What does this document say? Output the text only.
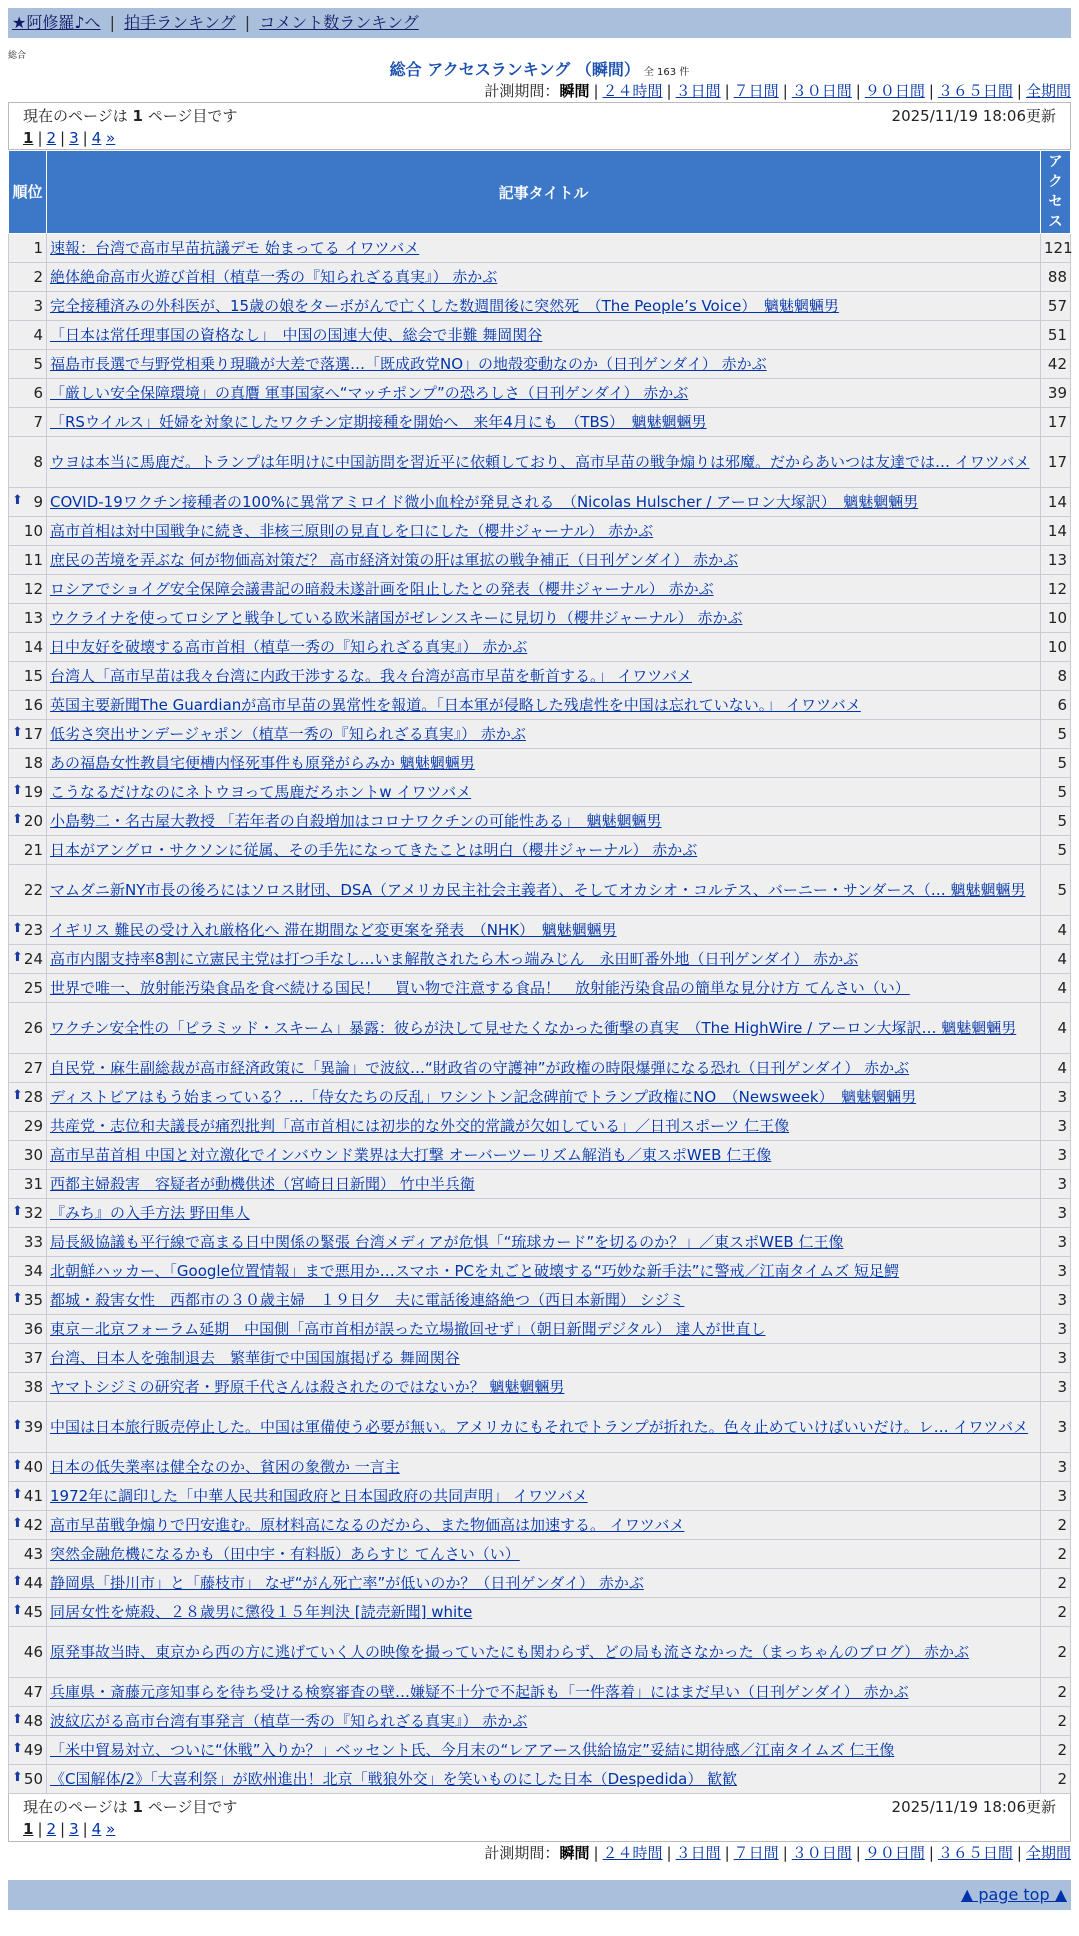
★阿修羅♪へ | 拍手ランキング | コメント数ランキング
総合
総合 アクセスランキング （瞬間） 全 163 件
計測期間：瞬間 | ２４時間 | ３日間 | ７日間 | ３０日間 | ９０日間 | ３６５日間 | 全期間
現在のページは 1 ページ目です	2025/11/19 18:06更新
1 | 2 | 3 | 4 »
順位	記事タイトル	アクセス
1	速報：台湾で高市早苗抗議デモ 始まってる イワツバメ	121
2	絶体絶命高市火遊び首相（植草一秀の『知られざる真実』） 赤かぶ	88
3	完全接種済みの外科医が、15歳の娘をターボがんで亡くした数週間後に突然死　（The People’s Voice）　魑魅魍魎男	57
4	「日本は常任理事国の資格なし」　中国の国連大使、総会で非難 舞岡関谷	51
5	福島市長選で与野党相乗り現職が大差で落選…「既成政党NO」の地殻変動なのか（日刊ゲンダイ） 赤かぶ	42
6	「厳しい安全保障環境」の真贋 軍事国家へ“マッチポンプ”の恐ろしさ（日刊ゲンダイ） 赤かぶ	39
7	「RSウイルス」妊婦を対象にしたワクチン定期接種を開始へ　来年4月にも　（TBS）　魑魅魍魎男	17
8	ウヨは本当に馬鹿だ。トランプは年明けに中国訪問を習近平に依頼しており、高市早苗の戦争煽りは邪魔。だからあいつは友達では… イワツバメ	17

⬆ 9	COVID-19ワクチン接種者の100%に異常アミロイド微小血栓が発見される　（Nicolas Hulscher / アーロン大塚訳）　魑魅魍魎男	14
10	高市首相は対中国戦争に続き、非核三原則の見直しを口にした（櫻井ジャーナル） 赤かぶ	14
11	庶民の苦境を弄ぶな 何が物価高対策だ？ 高市経済対策の肝は軍拡の戦争補正（日刊ゲンダイ） 赤かぶ	13
12	ロシアでショイグ安全保障会議書記の暗殺未遂計画を阻止したとの発表（櫻井ジャーナル） 赤かぶ	12
13	ウクライナを使ってロシアと戦争している欧米諸国がゼレンスキーに見切り（櫻井ジャーナル） 赤かぶ	10
14	日中友好を破壊する高市首相（植草一秀の『知られざる真実』） 赤かぶ	10
15	台湾人「高市早苗は我々台湾に内政干渉するな。我々台湾が高市早苗を斬首する。」 イワツバメ	8
16	英国主要新聞The Guardianが高市早苗の異常性を報道。「日本軍が侵略した残虐性を中国は忘れていない。」 イワツバメ	6

⬆ 17	低劣さ突出サンデージャポン（植草一秀の『知られざる真実』） 赤かぶ	5
18	あの福島女性教員宅便槽内怪死事件も原発がらみか 魑魅魍魎男	5

⬆ 19	こうなるだけなのにネトウヨって馬鹿だろホントw イワツバメ	5

⬆ 20	小島勢二・名古屋大教授 「若年者の自殺増加はコロナワクチンの可能性ある」　魑魅魍魎男	5
21	日本がアングロ・サクソンに従属、その手先になってきたことは明白（櫻井ジャーナル） 赤かぶ	5
22	マムダニ新NY市長の後ろにはソロス財団、DSA（アメリカ民主社会主義者）、そしてオカシオ・コルテス、バーニー・サンダース（… 魑魅魍魎男	5

⬆ 23	イギリス 難民の受け入れ厳格化へ 滞在期間など変更案を発表　（NHK）　魑魅魍魎男	4

⬆ 24	高市内閣支持率8割に立憲民主党は打つ手なし…いま解散されたら木っ端みじん　永田町番外地（日刊ゲンダイ） 赤かぶ	4
25	世界で唯一、放射能汚染食品を食べ続ける国民！　買い物で注意する食品！　放射能汚染食品の簡単な見分け方 てんさい（い）	4
26	ワクチン安全性の「ピラミッド・スキーム」暴露：彼らが決して見せたくなかった衝撃の真実　（The HighWire / アーロン大塚訳… 魑魅魍魎男	4
27	自民党・麻生副総裁が高市経済政策に「異論」で波紋…“財政省の守護神”が政権の時限爆弾になる恐れ（日刊ゲンダイ） 赤かぶ	4

⬆ 28	ディストピアはもう始まっている？…「侍女たちの反乱」ワシントン記念碑前でトランプ政権にNO　（Newsweek）　魑魅魍魎男	3
29	共産党・志位和夫議長が痛烈批判「高市首相には初歩的な外交的常識が欠如している」／日刊スポーツ 仁王像	3
30	高市早苗首相 中国と対立激化でインバウンド業界は大打撃 オーバーツーリズム解消も／東スポWEB 仁王像	3
31	西都主婦殺害　容疑者が動機供述（宮崎日日新聞） 竹中半兵衛	3

⬆ 32	『みち』の入手方法 野田隼人	3
33	局長級協議も平行線で高まる日中関係の緊張 台湾メディアが危惧「“琉球カード”を切るのか？」／東スポWEB 仁王像	3
34	北朝鮮ハッカー、「Google位置情報」まで悪用か…スマホ・PCを丸ごと破壊する“巧妙な新手法”に警戒／江南タイムズ 短足鰐	3

⬆ 35	都城・殺害女性　西都市の３０歳主婦　１９日夕　夫に電話後連絡絶つ（西日本新聞） シジミ	3
36	東京－北京フォーラム延期　中国側「高市首相が誤った立場撤回せず」（朝日新聞デジタル） 達人が世直し	3
37	台湾、日本人を強制退去　繁華街で中国国旗掲げる 舞岡関谷	3
38	ヤマトシジミの研究者・野原千代さんは殺されたのではないか？ 魑魅魍魎男	3

⬆ 39	中国は日本旅行販売停止した。中国は軍備使う必要が無い。アメリカにもそれでトランプが折れた。色々止めていけばいいだけ。レ… イワツバメ	3

⬆ 40	日本の低失業率は健全なのか、貧困の象徴か 一言主	3

⬆ 41	1972年に調印した「中華人民共和国政府と日本国政府の共同声明」 イワツバメ	3

⬆ 42	高市早苗戦争煽りで円安進む。原材料高になるのだから、また物価高は加速する。 イワツバメ	2
43	突然金融危機になるかも（田中宇・有料版）あらすじ てんさい（い）	2

⬆ 44	静岡県「掛川市」と「藤枝市」 なぜ“がん死亡率”が低いのか？（日刊ゲンダイ） 赤かぶ	2

⬆ 45	同居女性を焼殺、２８歳男に懲役１５年判決 [読売新聞] white	2
46	原発事故当時、東京から西の方に逃げていく人の映像を撮っていたにも関わらず、どの局も流さなかった（まっちゃんのブログ） 赤かぶ	2
47	兵庫県・斎藤元彦知事らを待ち受ける検察審査の壁…嫌疑不十分で不起訴も「一件落着」にはまだ早い（日刊ゲンダイ） 赤かぶ	2

⬆ 48	波紋広がる高市台湾有事発言（植草一秀の『知られざる真実』） 赤かぶ	2

⬆ 49	「米中貿易対立、ついに“休戦”入りか？」ベッセント氏、今月末の“レアアース供給協定”妥結に期待感／江南タイムズ 仁王像	2

⬆ 50	《C国解体/2》「大喜利祭」が欧州進出！北京「戦狼外交」を笑いものにした日本（Despedida） 歓歓	2
現在のページは 1 ページ目です	2025/11/19 18:06更新
1 | 2 | 3 | 4 »
計測期間：瞬間 | ２４時間 | ３日間 | ７日間 | ３０日間 | ９０日間 | ３６５日間 | 全期間
▲ page top ▲
